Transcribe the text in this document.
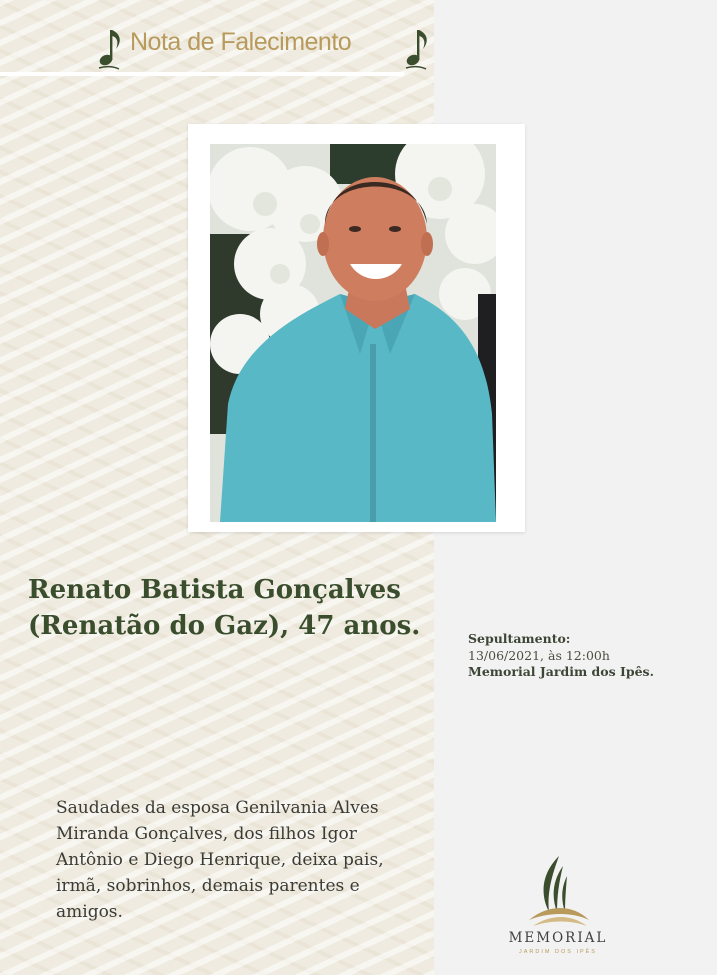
Nota de Falecimento
Renato Batista Gonçalves (Renatão do Gaz), 47 anos.	Sepultamento:
13/06/2021, às 12:00h
Memorial Jardim dos Ipês.
Saudades da esposa Genilvania Alves Miranda Gonçalves, dos filhos Igor Antônio e Diego Henrique, deixa pais, irmã, sobrinhos, demais parentes e amigos.
MEMORIAL
JARDIM DOS IPÊS
